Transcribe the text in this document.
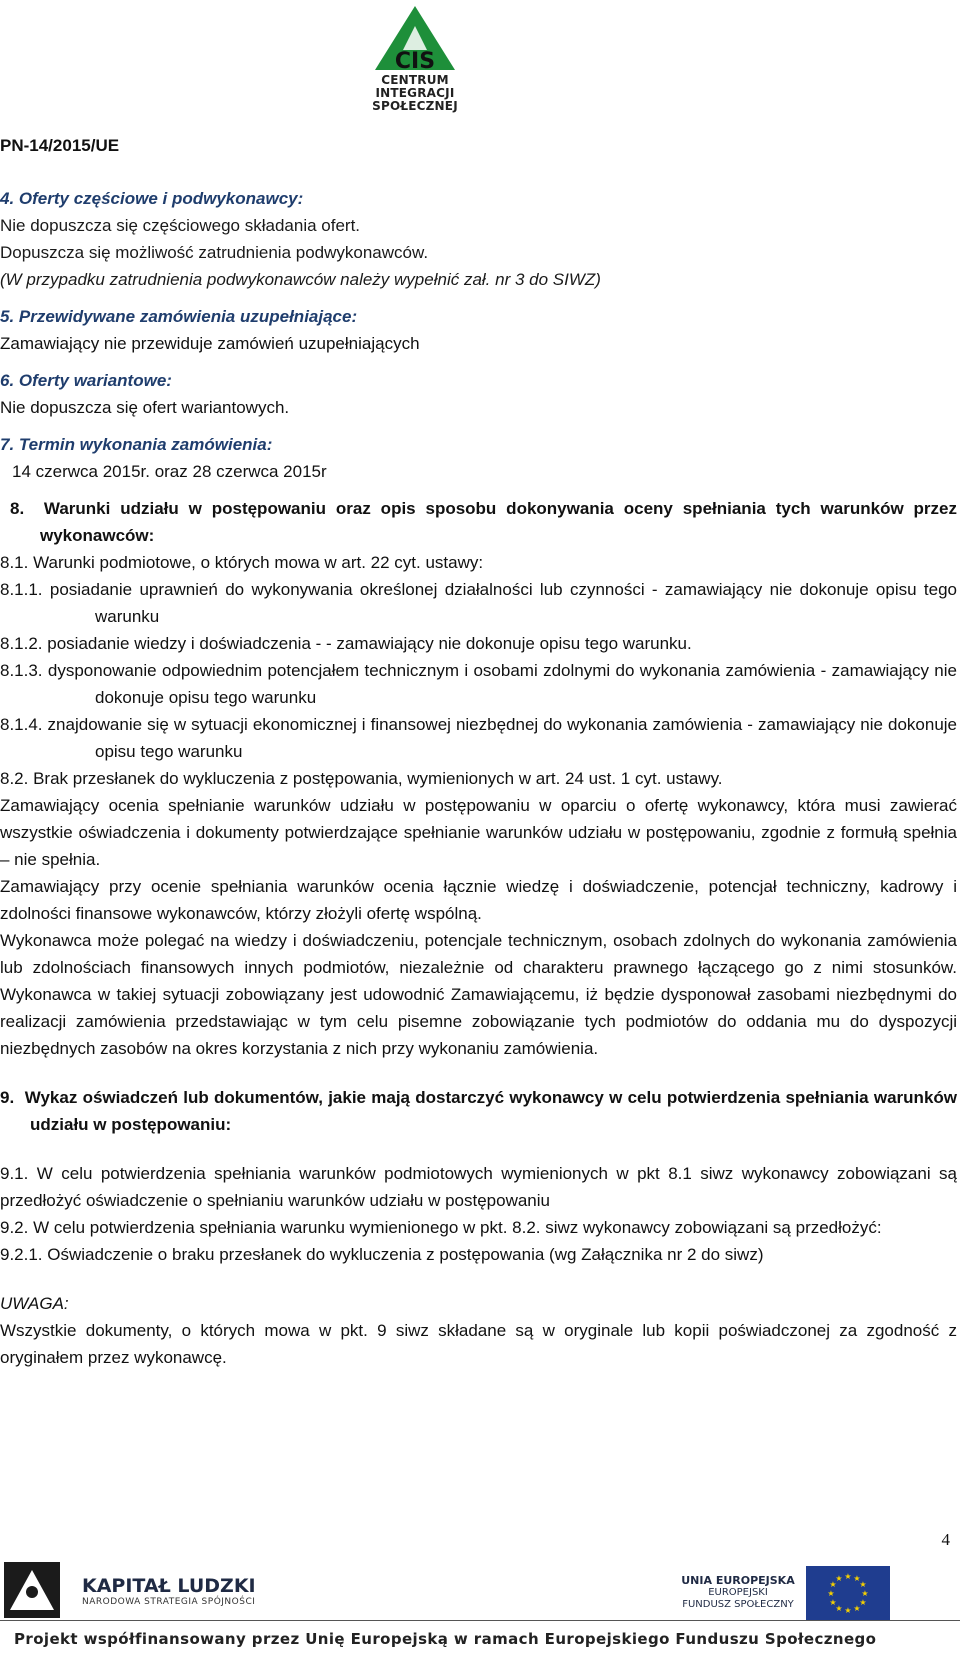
CIS
CENTRUM
INTEGRACJI
SPOŁECZNEJ
PN-14/2015/UE

4. Oferty częściowe i podwykonawcy:

Nie dopuszcza się częściowego składania ofert.

Dopuszcza się możliwość zatrudnienia podwykonawców.

(W przypadku zatrudnienia podwykonawców należy wypełnić zał. nr 3 do SIWZ)

5. Przewidywane zamówienia uzupełniające:

Zamawiający nie przewiduje zamówień uzupełniających

6. Oferty wariantowe:

Nie dopuszcza się ofert wariantowych.

7. Termin wykonania zamówienia:

14 czerwca 2015r. oraz 28 czerwca 2015r

8. Warunki udziału w postępowaniu oraz opis sposobu dokonywania oceny spełniania tych warunków przez wykonawców:

8.1. Warunki podmiotowe, o których mowa w art. 22 cyt. ustawy:

8.1.1. posiadanie uprawnień do wykonywania określonej działalności lub czynności - zamawiający nie dokonuje opisu tego warunku

8.1.2. posiadanie wiedzy i doświadczenia - - zamawiający nie dokonuje opisu tego warunku.

8.1.3. dysponowanie odpowiednim potencjałem technicznym i osobami zdolnymi do wykonania zamówienia - zamawiający nie dokonuje opisu tego warunku

8.1.4. znajdowanie się w sytuacji ekonomicznej i finansowej niezbędnej do wykonania zamówienia - zamawiający nie dokonuje opisu tego warunku

8.2. Brak przesłanek do wykluczenia z postępowania, wymienionych w art. 24 ust. 1 cyt. ustawy.

Zamawiający ocenia spełnianie warunków udziału w postępowaniu w oparciu o ofertę wykonawcy, która musi zawierać wszystkie oświadczenia i dokumenty potwierdzające spełnianie warunków udziału w postępowaniu, zgodnie z formułą spełnia – nie spełnia.

Zamawiający przy ocenie spełniania warunków ocenia łącznie wiedzę i doświadczenie, potencjał techniczny, kadrowy i zdolności finansowe wykonawców, którzy złożyli ofertę wspólną.

Wykonawca może polegać na wiedzy i doświadczeniu, potencjale technicznym, osobach zdolnych do wykonania zamówienia lub zdolnościach finansowych innych podmiotów, niezależnie od charakteru prawnego łączącego go z nimi stosunków. Wykonawca w takiej sytuacji zobowiązany jest udowodnić Zamawiającemu, iż będzie dysponował zasobami niezbędnymi do realizacji zamówienia przedstawiając w tym celu pisemne zobowiązanie tych podmiotów do oddania mu do dyspozycji niezbędnych zasobów na okres korzystania z nich przy wykonaniu zamówienia.

9. Wykaz oświadczeń lub dokumentów, jakie mają dostarczyć wykonawcy w celu potwierdzenia spełniania warunków udziału w postępowaniu:

9.1. W celu potwierdzenia spełniania warunków podmiotowych wymienionych w pkt 8.1 siwz wykonawcy zobowiązani są przedłożyć oświadczenie o spełnianiu warunków udziału w postępowaniu

9.2. W celu potwierdzenia spełniania warunku wymienionego w pkt. 8.2. siwz wykonawcy zobowiązani są przedłożyć:

9.2.1. Oświadczenie o braku przesłanek do wykluczenia z postępowania (wg Załącznika nr 2 do siwz)

UWAGA:

Wszystkie dokumenty, o których mowa w pkt. 9 siwz składane są w oryginale lub kopii poświadczonej za zgodność z oryginałem przez wykonawcę.

4
KAPITAŁ LUDZKI
NARODOWA STRATEGIA SPÓJNOŚCI
UNIA EUROPEJSKA
EUROPEJSKI
FUNDUSZ SPOŁECZNY
★ ★
★
★
★
★
★
★
★
★
★
★
Projekt współfinansowany przez Unię Europejską w ramach Europejskiego Funduszu Społecznego
